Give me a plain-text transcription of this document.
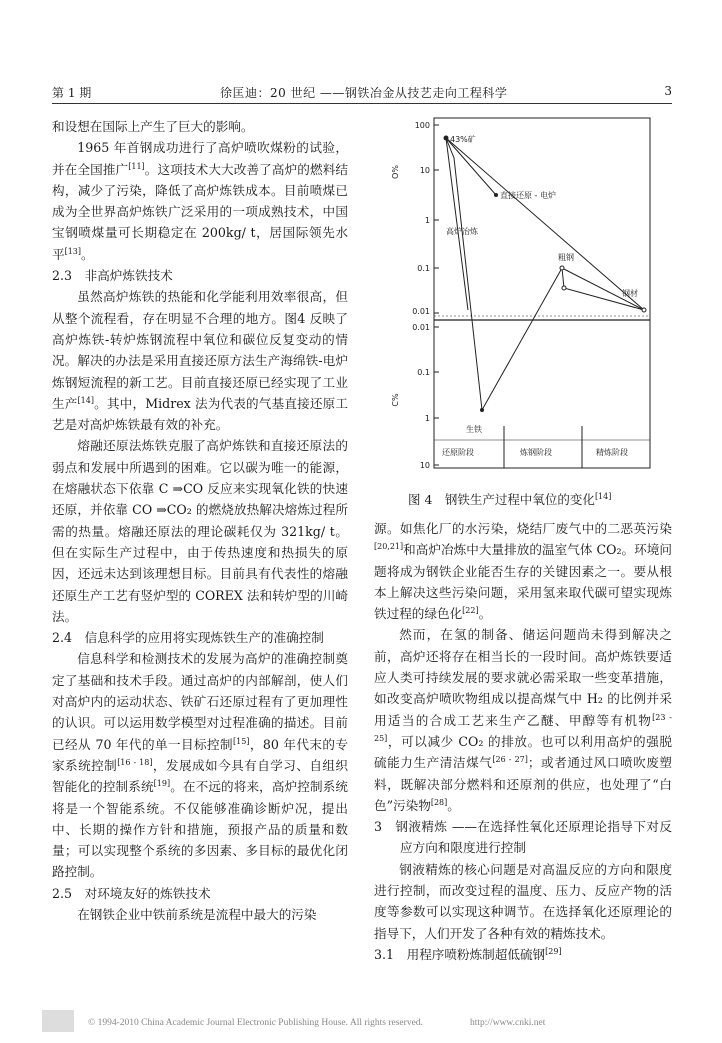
第 1 期	徐匡迪：20 世纪 ——钢铁冶金从技艺走向工程科学	3

和设想在国际上产生了巨大的影响。

1965 年首钢成功进行了高炉喷吹煤粉的试验，并在全国推广[11]。这项技术大大改善了高炉的燃料结构，减少了污染，降低了高炉炼铁成本。目前喷煤已成为全世界高炉炼铁广泛采用的一项成熟技术，中国宝钢喷煤量可长期稳定在 200kg/ t，居国际领先水平[13]。

2.3　非高炉炼铁技术

虽然高炉炼铁的热能和化学能利用效率很高，但从整个流程看，存在明显不合理的地方。图4 反映了高炉炼铁-转炉炼钢流程中氧位和碳位反复变动的情况。解决的办法是采用直接还原方法生产海绵铁-电炉炼钢短流程的新工艺。目前直接还原已经实现了工业生产[14]。其中，Midrex 法为代表的气基直接还原工艺是对高炉炼铁最有效的补充。

熔融还原法炼铁克服了高炉炼铁和直接还原法的弱点和发展中所遇到的困难。它以碳为唯一的能源，在熔融状态下依靠 C ⇒CO 反应来实现氧化铁的快速还原，并依靠 CO ⇒CO₂ 的燃烧放热解决熔炼过程所需的热量。熔融还原法的理论碳耗仅为 321kg/ t。但在实际生产过程中，由于传热速度和热损失的原因，还远未达到该理想目标。目前具有代表性的熔融还原生产工艺有竖炉型的 COREX 法和转炉型的川崎法。

2.4　信息科学的应用将实现炼铁生产的准确控制

信息科学和检测技术的发展为高炉的准确控制奠定了基础和技术手段。通过高炉的内部解剖，使人们对高炉内的运动状态、铁矿石还原过程有了更加理性的认识。可以运用数学模型对过程准确的描述。目前已经从 70 年代的单一目标控制[15]，80 年代末的专家系统控制[16 - 18]，发展成如今具有自学习、自组织智能化的控制系统[19]。在不远的将来，高炉控制系统将是一个智能系统。不仅能够准确诊断炉况，提出中、长期的操作方针和措施，预报产品的质量和数量；可以实现整个系统的多因素、多目标的最优化闭路控制。

2.5　对环境友好的炼铁技术

在钢铁企业中铁前系统是流程中最大的污染

100
10
1
0.1
0.01
0.01
0.1
1
10
O%
C%
43%矿
直接还原 - 电炉
高炉冶炼
粗钢
钢材
生铁
还原阶段	炼钢阶段	精炼阶段
图 4　钢铁生产过程中氧位的变化[14]

源。如焦化厂的水污染，烧结厂废气中的二恶英污染[20,21]和高炉冶炼中大量排放的温室气体 CO₂。环境问题将成为钢铁企业能否生存的关键因素之一。要从根本上解决这些污染问题，采用氢来取代碳可望实现炼铁过程的绿色化[22]。

然而，在氢的制备、储运问题尚未得到解决之前，高炉还将存在相当长的一段时间。高炉炼铁要适应人类可持续发展的要求就必需采取一些变革措施，如改变高炉喷吹物组成以提高煤气中 H₂ 的比例并采用适当的合成工艺来生产乙醚、甲醇等有机物[23 - 25]，可以减少 CO₂ 的排放。也可以利用高炉的强脱硫能力生产清洁煤气[26 - 27]；或者通过风口喷吹废塑料，既解决部分燃料和还原剂的供应，也处理了“白色”污染物[28]。

3　钢液精炼 ——在选择性氧化还原理论指导下对反应方向和限度进行控制

钢液精炼的核心问题是对高温反应的方向和限度进行控制，而改变过程的温度、压力、反应产物的活度等参数可以实现这种调节。在选择氧化还原理论的指导下，人们开发了各种有效的精炼技术。

3.1　用程序喷粉炼制超低硫钢[29]

© 1994-2010 China Academic Journal Electronic Publishing House. All rights reserved.	http://www.cnki.net
